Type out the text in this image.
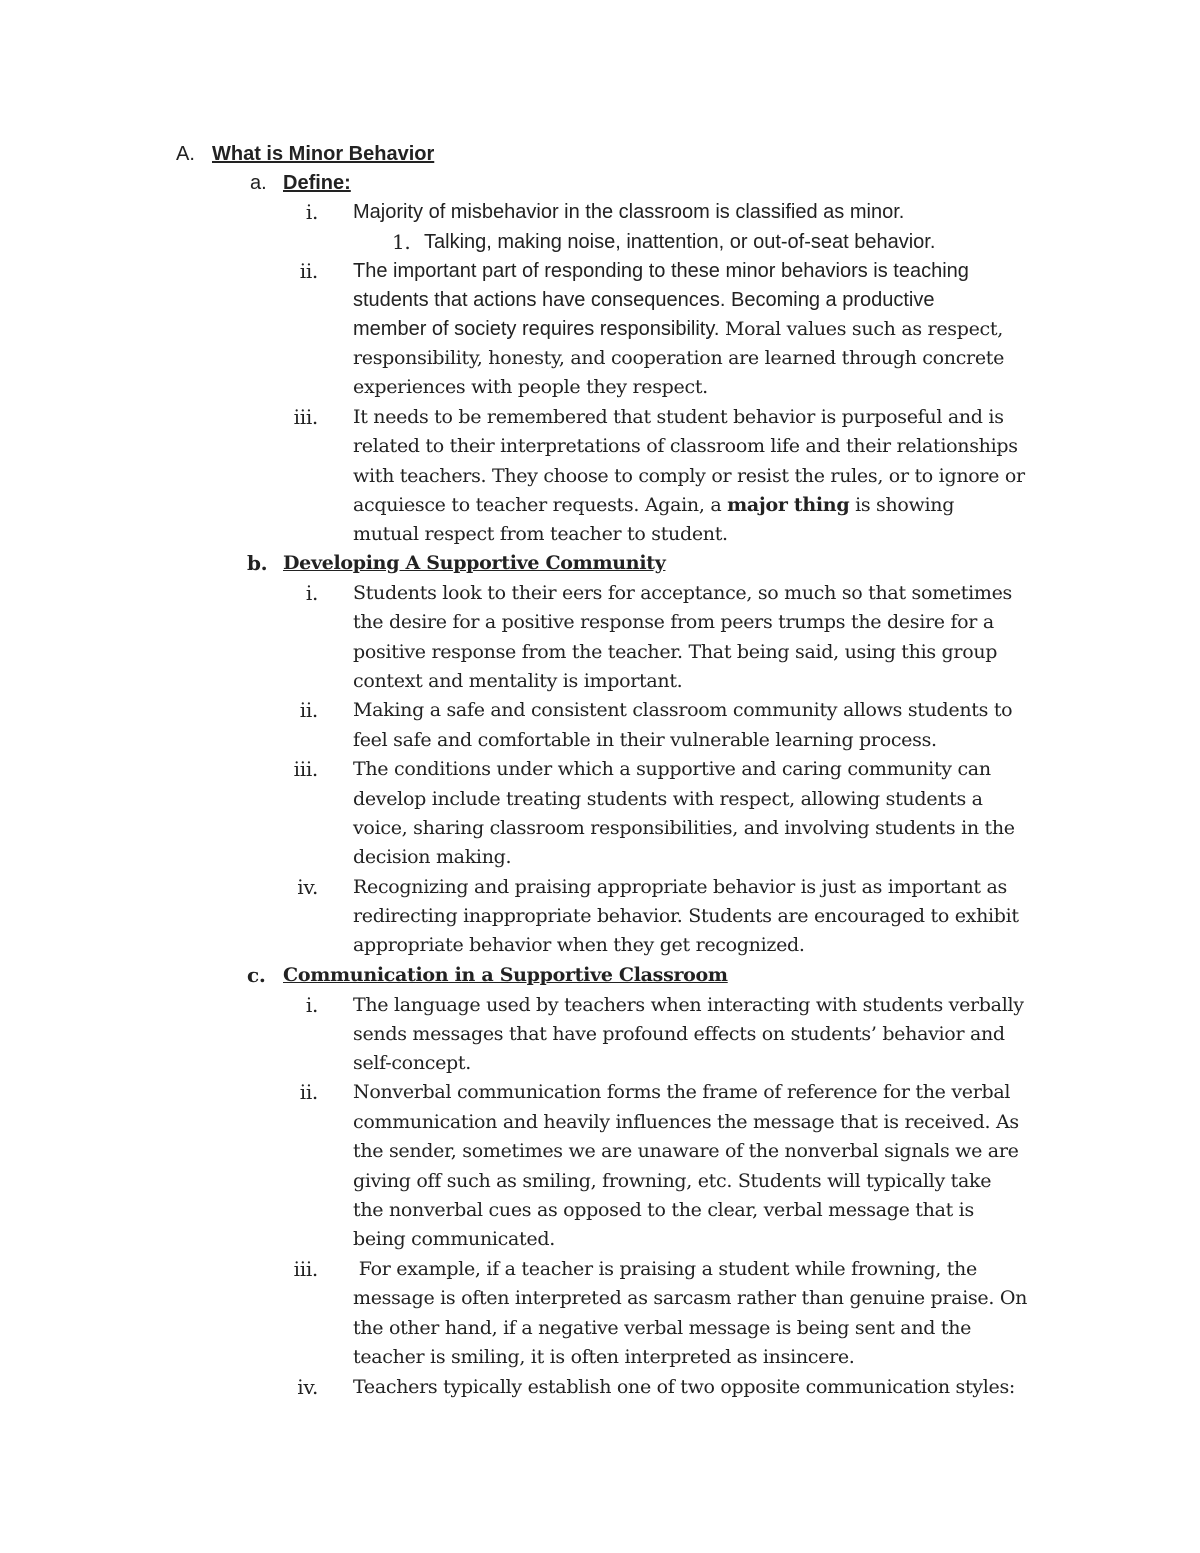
A. What is Minor Behavior
a. Define:
i. Majority of misbehavior in the classroom is classified as minor.
1. Talking, making noise, inattention, or out-of-seat behavior.
ii. The important part of responding to these minor behaviors is teaching
students that actions have consequences. Becoming a productive
member of society requires responsibility. Moral values such as respect,
responsibility, honesty, and cooperation are learned through concrete
experiences with people they respect.
iii. It needs to be remembered that student behavior is purposeful and is
related to their interpretations of classroom life and their relationships
with teachers. They choose to comply or resist the rules, or to ignore or
acquiesce to teacher requests. Again, a major thing is showing
mutual respect from teacher to student.
b. Developing A Supportive Community
i. Students look to their eers for acceptance, so much so that sometimes
the desire for a positive response from peers trumps the desire for a
positive response from the teacher. That being said, using this group
context and mentality is important.
ii. Making a safe and consistent classroom community allows students to
feel safe and comfortable in their vulnerable learning process.
iii. The conditions under which a supportive and caring community can
develop include treating students with respect, allowing students a
voice, sharing classroom responsibilities, and involving students in the
decision making.
iv. Recognizing and praising appropriate behavior is just as important as
redirecting inappropriate behavior. Students are encouraged to exhibit
appropriate behavior when they get recognized.
c. Communication in a Supportive Classroom
i. The language used by teachers when interacting with students verbally
sends messages that have profound effects on students’ behavior and
self-concept.
ii. Nonverbal communication forms the frame of reference for the verbal
communication and heavily influences the message that is received. As
the sender, sometimes we are unaware of the nonverbal signals we are
giving off such as smiling, frowning, etc. Students will typically take
the nonverbal cues as opposed to the clear, verbal message that is
being communicated.
iii. For example, if a teacher is praising a student while frowning, the
message is often interpreted as sarcasm rather than genuine praise. On
the other hand, if a negative verbal message is being sent and the
teacher is smiling, it is often interpreted as insincere.
iv. Teachers typically establish one of two opposite communication styles:
